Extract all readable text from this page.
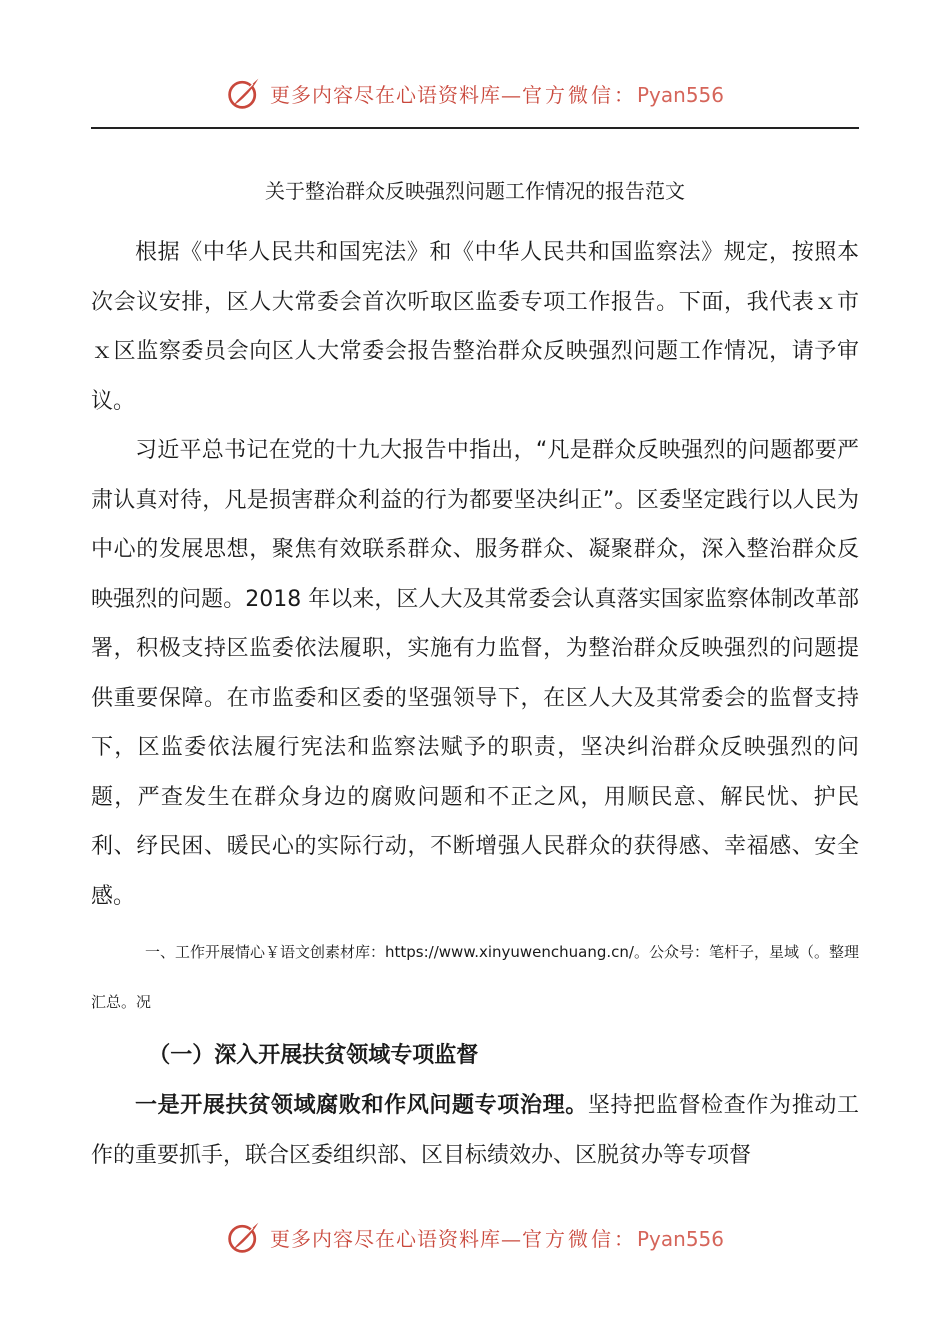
更多内容尽在心语资料库—官方微信：Pyan556
关于整治群众反映强烈问题工作情况的报告范文

根据《中华人民共和国宪法》和《中华人民共和国监察法》规定，按照本次会议安排，区人大常委会首次听取区监委专项工作报告。下面，我代表ｘ市ｘ区监察委员会向区人大常委会报告整治群众反映强烈问题工作情况，请予审议。

习近平总书记在党的十九大报告中指出，“凡是群众反映强烈的问题都要严肃认真对待，凡是损害群众利益的行为都要坚决纠正”。区委坚定践行以人民为中心的发展思想，聚焦有效联系群众、服务群众、凝聚群众，深入整治群众反映强烈的问题。2018 年以来，区人大及其常委会认真落实国家监察体制改革部署，积极支持区监委依法履职，实施有力监督，为整治群众反映强烈的问题提供重要保障。在市监委和区委的坚强领导下，在区人大及其常委会的监督支持下，区监委依法履行宪法和监察法赋予的职责，坚决纠治群众反映强烈的问题，严查发生在群众身边的腐败问题和不正之风，用顺民意、解民忧、护民利、纾民困、暖民心的实际行动，不断增强人民群众的获得感、幸福感、安全感。

一、工作开展情心￥语文创素材库：https://www.xinyuwenchuang.cn/。公众号：笔杆子，星域（。整理汇总。况

（一）深入开展扶贫领域专项监督

一是开展扶贫领域腐败和作风问题专项治理。坚持把监督检查作为推动工作的重要抓手，联合区委组织部、区目标绩效办、区脱贫办等专项督

更多内容尽在心语资料库—官方微信：Pyan556
